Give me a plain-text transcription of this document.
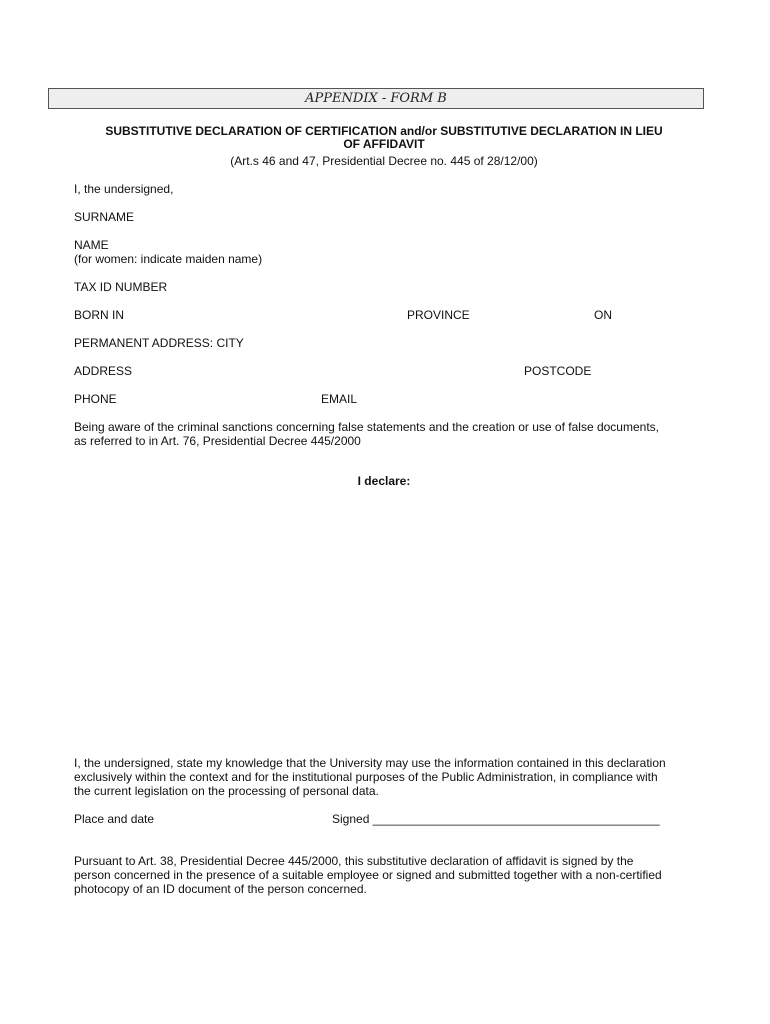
APPENDIX - FORM B
SUBSTITUTIVE DECLARATION OF CERTIFICATION and/or SUBSTITUTIVE DECLARATION IN LIEU
OF AFFIDAVIT
(Art.s 46 and 47, Presidential Decree no. 445 of 28/12/00)
I, the undersigned,
SURNAME
NAME
(for women: indicate maiden name)
TAX ID NUMBER
BORN IN	PROVINCE	ON
PERMANENT ADDRESS: CITY
ADDRESS	POSTCODE
PHONE	EMAIL
Being aware of the criminal sanctions concerning false statements and the creation or use of false documents,
as referred to in Art. 76, Presidential Decree 445/2000
I declare:
I, the undersigned, state my knowledge that the University may use the information contained in this declaration
exclusively within the context and for the institutional purposes of the Public Administration, in compliance with
the current legislation on the processing of personal data.
Place and date	Signed ___________________________________________
Pursuant to Art. 38, Presidential Decree 445/2000, this substitutive declaration of affidavit is signed by the
person concerned in the presence of a suitable employee or signed and submitted together with a non-certified
photocopy of an ID document of the person concerned.
